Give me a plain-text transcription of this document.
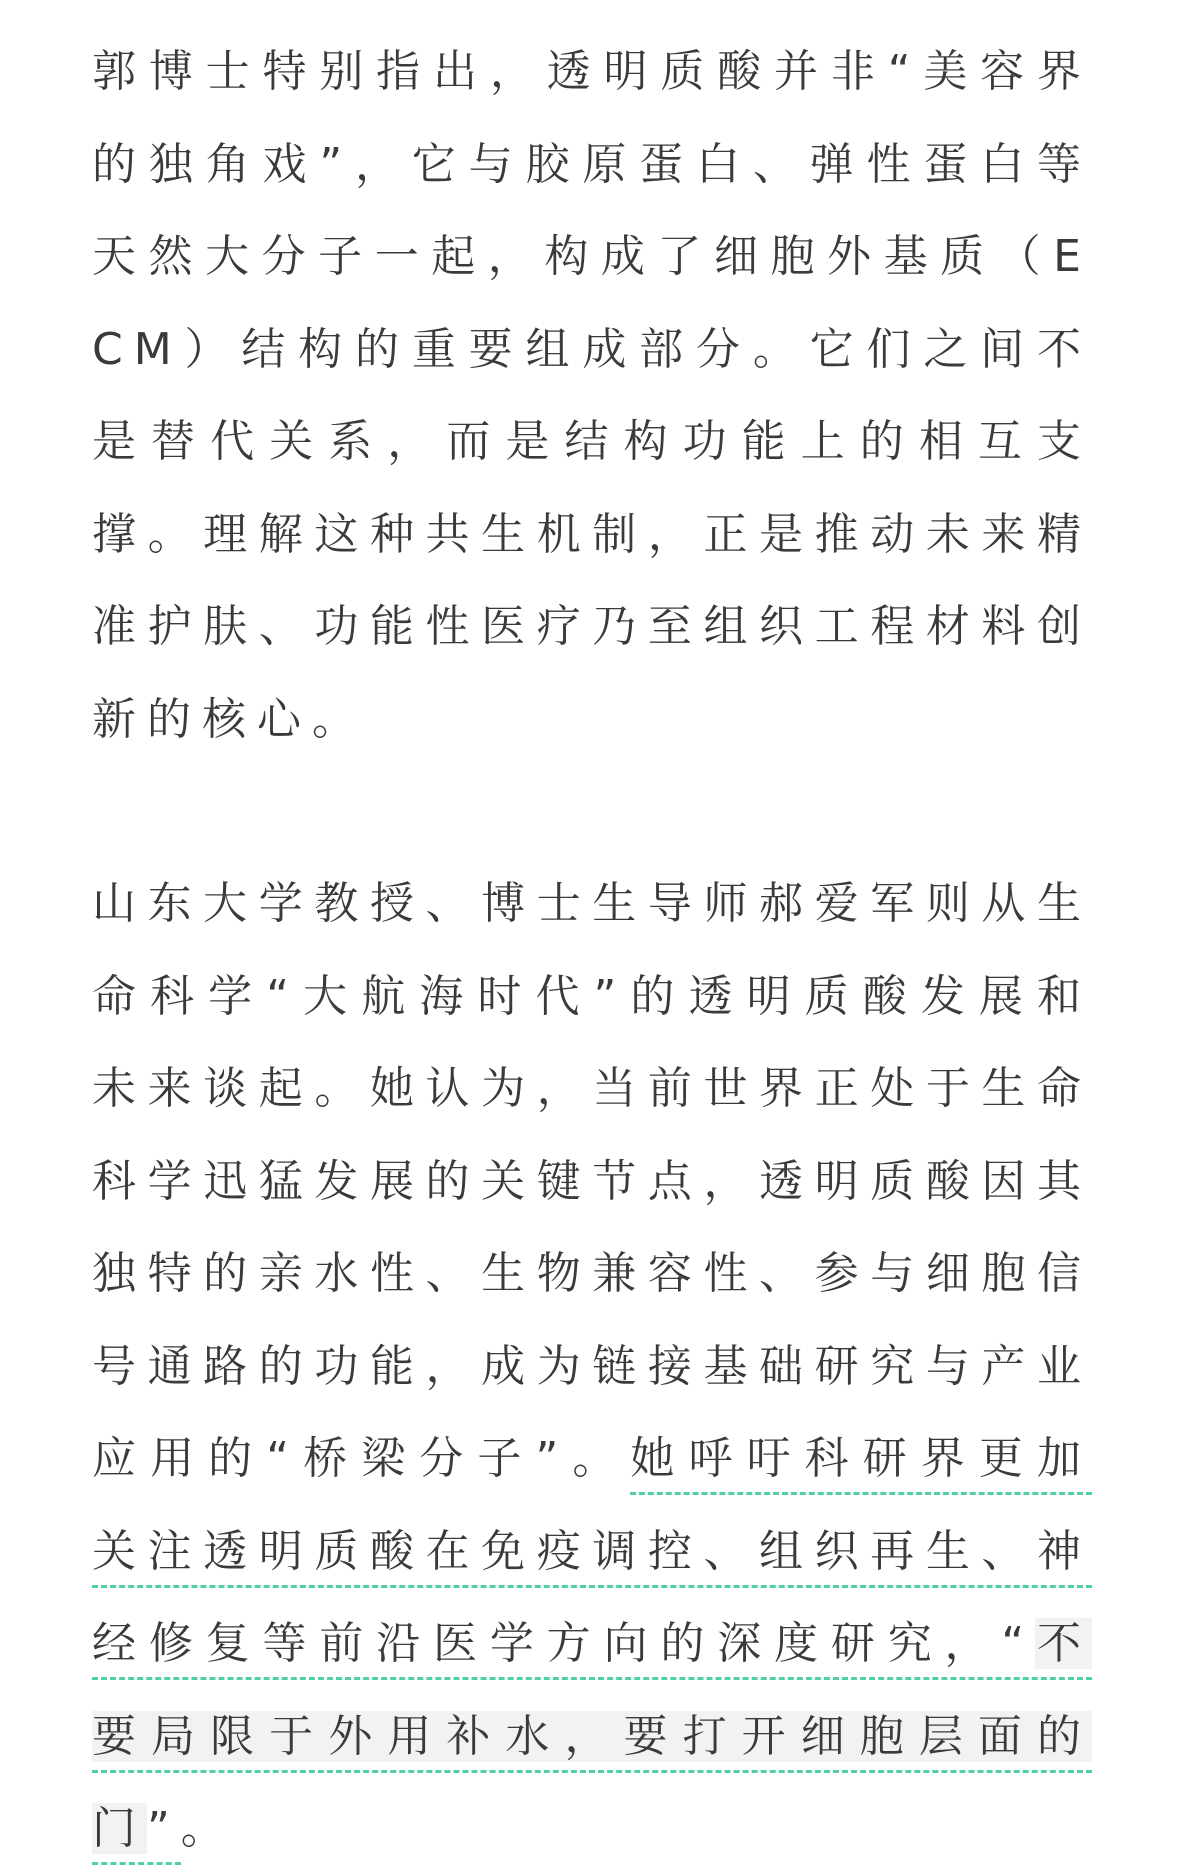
郭博士特别指出，透明质酸并非“美容界的独角戏”，它与胶原蛋白、弹性蛋白等天然大分子一起，构成了细胞外基质（ECM）结构的重要组成部分。它们之间不是替代关系，而是结构功能上的相互支撑。理解这种共生机制，正是推动未来精准护肤、功能性医疗乃至组织工程材料创新的核心。

山东大学教授、博士生导师郝爱军则从生命科学“大航海时代”的透明质酸发展和未来谈起。她认为，当前世界正处于生命科学迅猛发展的关键节点，透明质酸因其独特的亲水性、生物兼容性、参与细胞信号通路的功能，成为链接基础研究与产业应用的“桥梁分子”。她呼吁科研界更加关注透明质酸在免疫调控、组织再生、神经修复等前沿医学方向的深度研究，“不要局限于外用补水，要打开细胞层面的门”。
